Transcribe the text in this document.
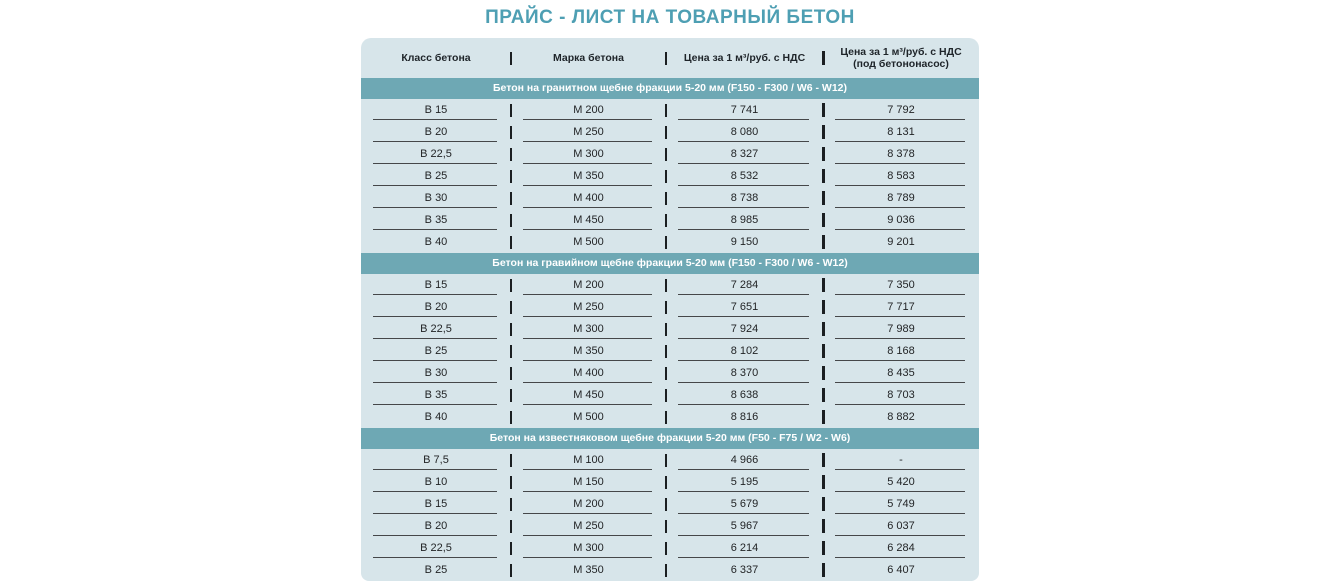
ПРАЙС - ЛИСТ НА ТОВАРНЫЙ БЕТОН
Класс бетона	Марка бетона	Цена за 1 м³/руб. с НДС	Цена за 1 м³/руб. с НДС
(под бетононасос)
Бетон на гранитном щебне фракции 5-20 мм (F150 - F300 / W6 - W12)
В 15	М 200	7 741	7 792
В 20	М 250	8 080	8 131
В 22,5	М 300	8 327	8 378
В 25	М 350	8 532	8 583
В 30	М 400	8 738	8 789
В 35	М 450	8 985	9 036
В 40	М 500	9 150	9 201
Бетон на гравийном щебне фракции 5-20 мм (F150 - F300 / W6 - W12)
В 15	М 200	7 284	7 350
В 20	М 250	7 651	7 717
В 22,5	М 300	7 924	7 989
В 25	М 350	8 102	8 168
В 30	М 400	8 370	8 435
В 35	М 450	8 638	8 703
В 40	М 500	8 816	8 882
Бетон на известняковом щебне фракции 5-20 мм (F50 - F75 / W2 - W6)
В 7,5	М 100	4 966	-
В 10	М 150	5 195	5 420
В 15	М 200	5 679	5 749
В 20	М 250	5 967	6 037
В 22,5	М 300	6 214	6 284
В 25	М 350	6 337	6 407
